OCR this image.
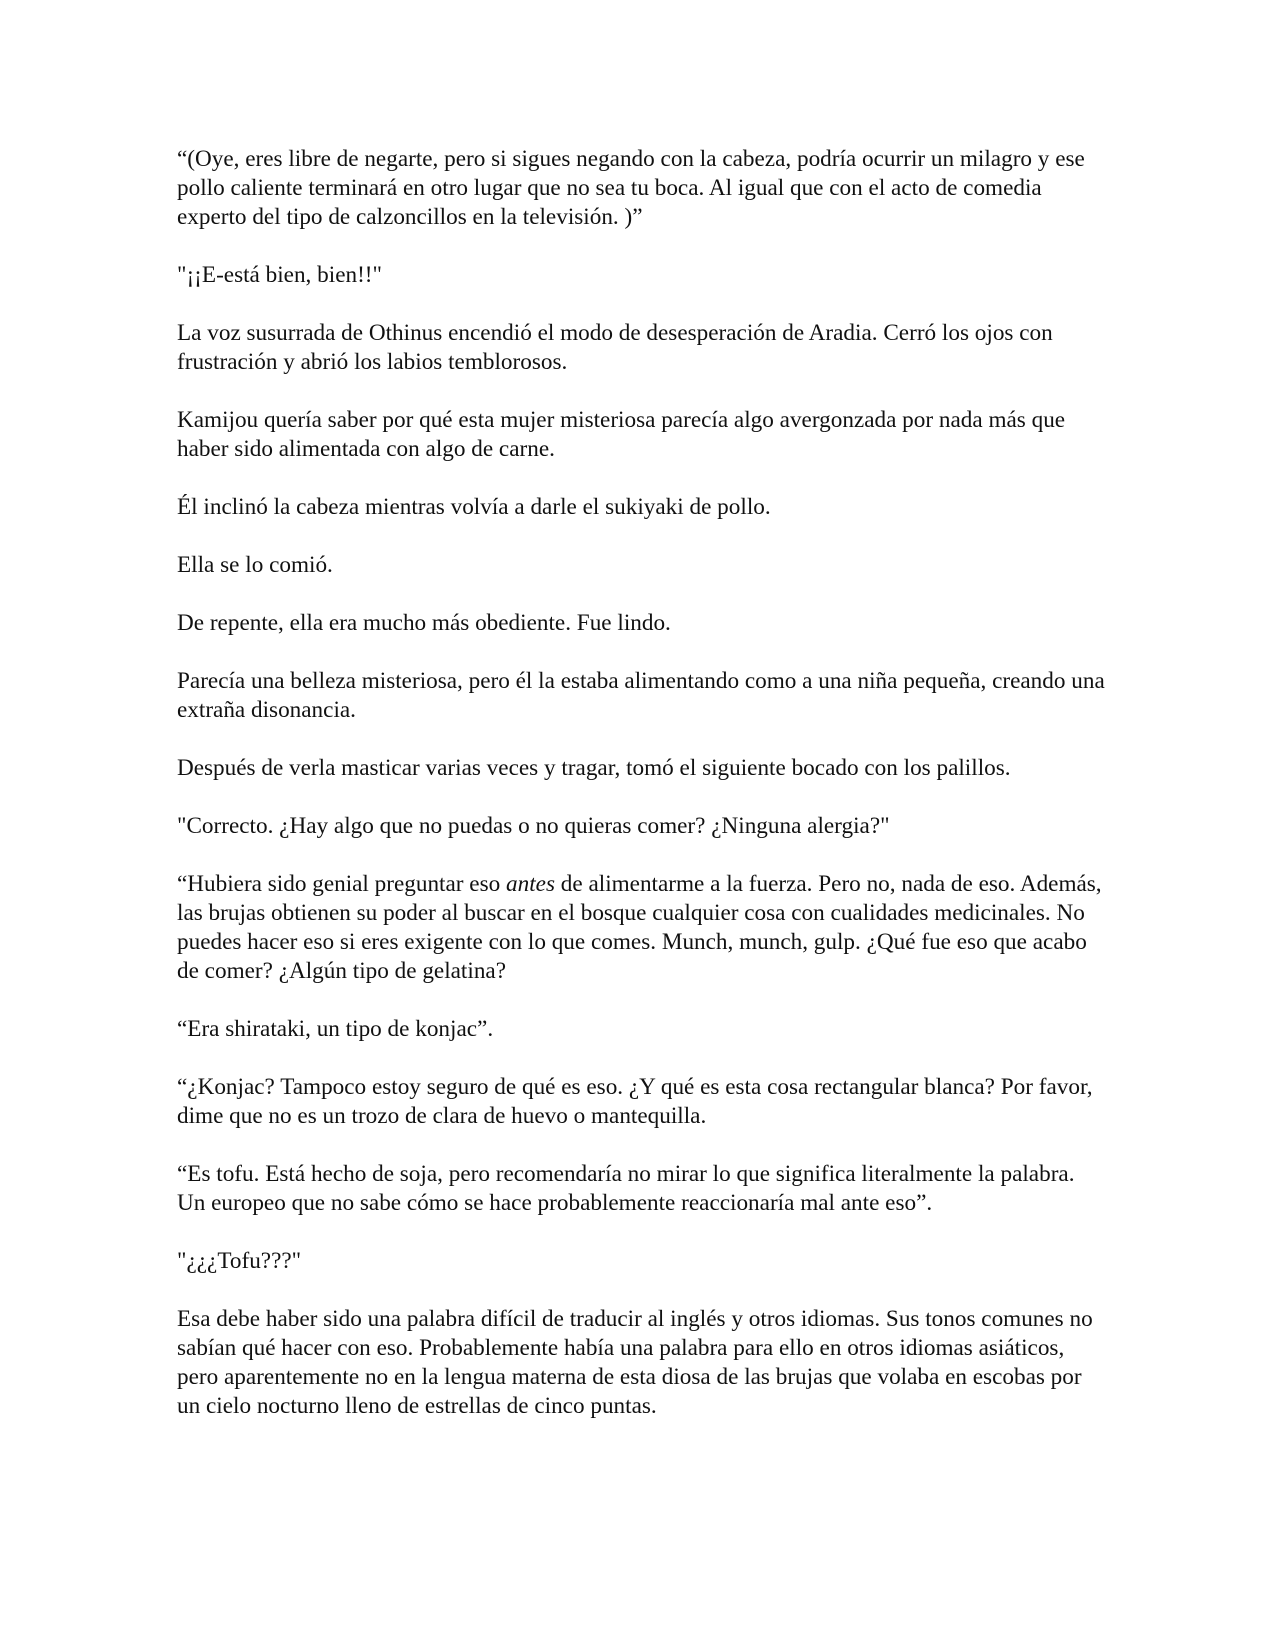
“(Oye, eres libre de negarte, pero si sigues negando con la cabeza, podría ocurrir un milagro y ese pollo caliente terminará en otro lugar que no sea tu boca. Al igual que con el acto de comedia experto del tipo de calzoncillos en la televisión. )”

"¡¡E-está bien, bien!!"

La voz susurrada de Othinus encendió el modo de desesperación de Aradia. Cerró los ojos con frustración y abrió los labios temblorosos.

Kamijou quería saber por qué esta mujer misteriosa parecía algo avergonzada por nada más que haber sido alimentada con algo de carne.

Él inclinó la cabeza mientras volvía a darle el sukiyaki de pollo.

Ella se lo comió.

De repente, ella era mucho más obediente. Fue lindo.

Parecía una belleza misteriosa, pero él la estaba alimentando como a una niña pequeña, creando una extraña disonancia.

Después de verla masticar varias veces y tragar, tomó el siguiente bocado con los palillos.

"Correcto. ¿Hay algo que no puedas o no quieras comer? ¿Ninguna alergia?"

“Hubiera sido genial preguntar eso antes de alimentarme a la fuerza. Pero no, nada de eso. Además, las brujas obtienen su poder al buscar en el bosque cualquier cosa con cualidades medicinales. No puedes hacer eso si eres exigente con lo que comes. Munch, munch, gulp. ¿Qué fue eso que acabo de comer? ¿Algún tipo de gelatina?

“Era shirataki, un tipo de konjac”.

“¿Konjac? Tampoco estoy seguro de qué es eso. ¿Y qué es esta cosa rectangular blanca? Por favor, dime que no es un trozo de clara de huevo o mantequilla.

“Es tofu. Está hecho de soja, pero recomendaría no mirar lo que significa literalmente la palabra. Un europeo que no sabe cómo se hace probablemente reaccionaría mal ante eso”.

"¿¿¿Tofu???"

Esa debe haber sido una palabra difícil de traducir al inglés y otros idiomas. Sus tonos comunes no sabían qué hacer con eso. Probablemente había una palabra para ello en otros idiomas asiáticos, pero aparentemente no en la lengua materna de esta diosa de las brujas que volaba en escobas por un cielo nocturno lleno de estrellas de cinco puntas.
